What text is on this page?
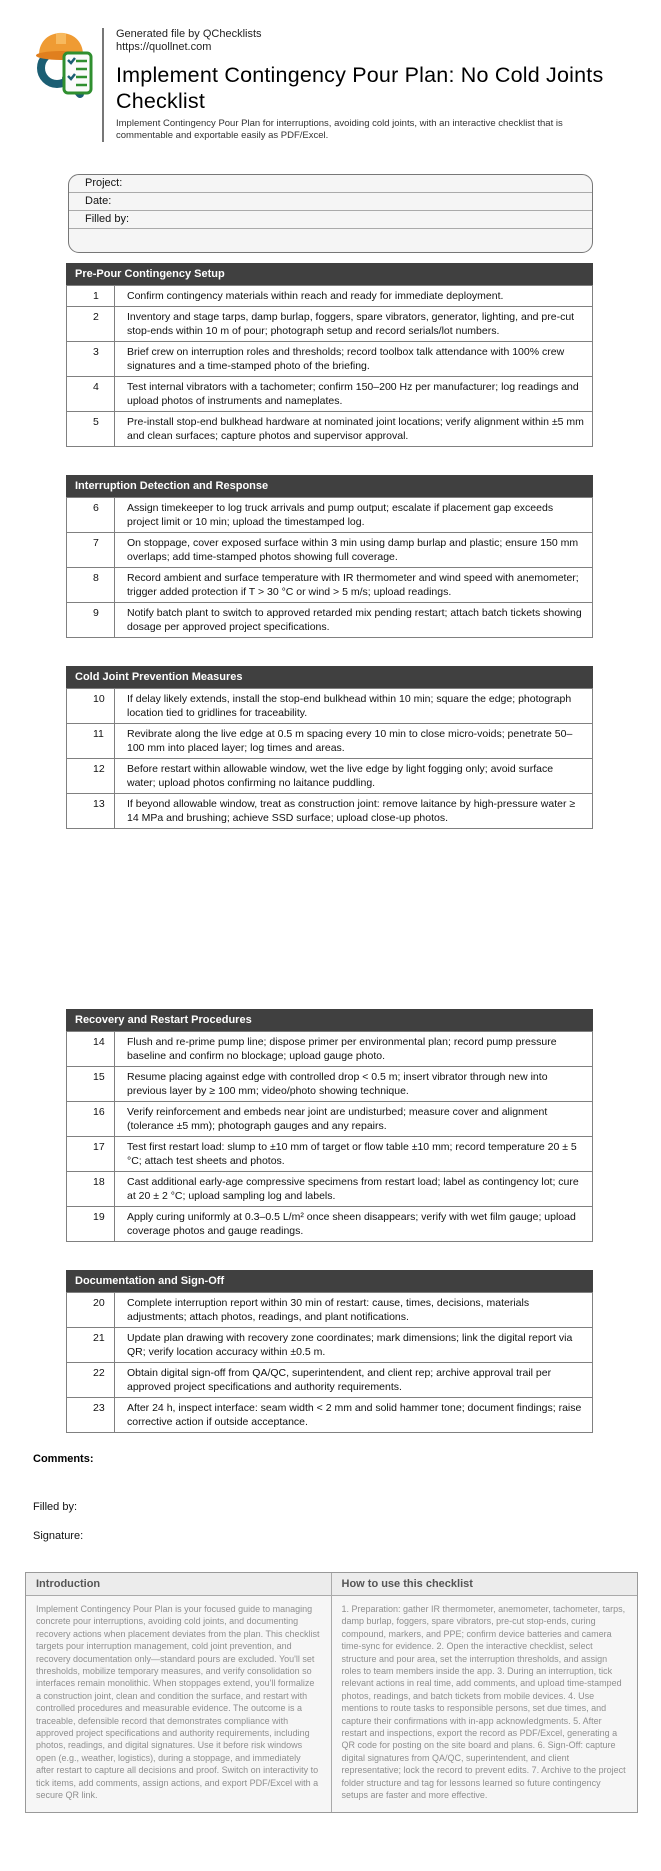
Generated file by QChecklists
https://quollnet.com
Implement Contingency Pour Plan: No Cold Joints Checklist
Implement Contingency Pour Plan for interruptions, avoiding cold joints, with an interactive checklist that is commentable and exportable easily as PDF/Excel.
Project:
Date:
Filled by:
Pre-Pour Contingency Setup
1	Confirm contingency materials within reach and ready for immediate deployment.
2	Inventory and stage tarps, damp burlap, foggers, spare vibrators, generator, lighting, and pre-cut stop-ends within 10 m of pour; photograph setup and record serials/lot numbers.
3	Brief crew on interruption roles and thresholds; record toolbox talk attendance with 100% crew signatures and a time-stamped photo of the briefing.
4	Test internal vibrators with a tachometer; confirm 150–200 Hz per manufacturer; log readings and upload photos of instruments and nameplates.
5	Pre-install stop-end bulkhead hardware at nominated joint locations; verify alignment within ±5 mm and clean surfaces; capture photos and supervisor approval.
Interruption Detection and Response
6	Assign timekeeper to log truck arrivals and pump output; escalate if placement gap exceeds project limit or 10 min; upload the timestamped log.
7	On stoppage, cover exposed surface within 3 min using damp burlap and plastic; ensure 150 mm overlaps; add time-stamped photos showing full coverage.
8	Record ambient and surface temperature with IR thermometer and wind speed with anemometer; trigger added protection if T > 30 °C or wind > 5 m/s; upload readings.
9	Notify batch plant to switch to approved retarded mix pending restart; attach batch tickets showing dosage per approved project specifications.
Cold Joint Prevention Measures
10	If delay likely extends, install the stop-end bulkhead within 10 min; square the edge; photograph location tied to gridlines for traceability.
11	Revibrate along the live edge at 0.5 m spacing every 10 min to close micro-voids; penetrate 50–100 mm into placed layer; log times and areas.
12	Before restart within allowable window, wet the live edge by light fogging only; avoid surface water; upload photos confirming no laitance puddling.
13	If beyond allowable window, treat as construction joint: remove laitance by high-pressure water ≥ 14 MPa and brushing; achieve SSD surface; upload close-up photos.
Recovery and Restart Procedures
14	Flush and re-prime pump line; dispose primer per environmental plan; record pump pressure baseline and confirm no blockage; upload gauge photo.
15	Resume placing against edge with controlled drop < 0.5 m; insert vibrator through new into previous layer by ≥ 100 mm; video/photo showing technique.
16	Verify reinforcement and embeds near joint are undisturbed; measure cover and alignment (tolerance ±5 mm); photograph gauges and any repairs.
17	Test first restart load: slump to ±10 mm of target or flow table ±10 mm; record temperature 20 ± 5 °C; attach test sheets and photos.
18	Cast additional early-age compressive specimens from restart load; label as contingency lot; cure at 20 ± 2 °C; upload sampling log and labels.
19	Apply curing uniformly at 0.3–0.5 L/m² once sheen disappears; verify with wet film gauge; upload coverage photos and gauge readings.
Documentation and Sign-Off
20	Complete interruption report within 30 min of restart: cause, times, decisions, materials adjustments; attach photos, readings, and plant notifications.
21	Update plan drawing with recovery zone coordinates; mark dimensions; link the digital report via QR; verify location accuracy within ±0.5 m.
22	Obtain digital sign-off from QA/QC, superintendent, and client rep; archive approval trail per approved project specifications and authority requirements.
23	After 24 h, inspect interface: seam width < 2 mm and solid hammer tone; document findings; raise corrective action if outside acceptance.
Comments:
Filled by:
Signature:
Introduction
Implement Contingency Pour Plan is your focused guide to managing concrete pour interruptions, avoiding cold joints, and documenting recovery actions when placement deviates from the plan. This checklist targets pour interruption management, cold joint prevention, and recovery documentation only—standard pours are excluded. You'll set thresholds, mobilize temporary measures, and verify consolidation so interfaces remain monolithic. When stoppages extend, you'll formalize a construction joint, clean and condition the surface, and restart with controlled procedures and measurable evidence. The outcome is a traceable, defensible record that demonstrates compliance with approved project specifications and authority requirements, including photos, readings, and digital signatures. Use it before risk windows open (e.g., weather, logistics), during a stoppage, and immediately after restart to capture all decisions and proof. Switch on interactivity to tick items, add comments, assign actions, and export PDF/Excel with a secure QR link.
How to use this checklist
1. Preparation: gather IR thermometer, anemometer, tachometer, tarps, damp burlap, foggers, spare vibrators, pre-cut stop-ends, curing compound, markers, and PPE; confirm device batteries and camera time-sync for evidence. 2. Open the interactive checklist, select structure and pour area, set the interruption thresholds, and assign roles to team members inside the app. 3. During an interruption, tick relevant actions in real time, add comments, and upload time-stamped photos, readings, and batch tickets from mobile devices. 4. Use mentions to route tasks to responsible persons, set due times, and capture their confirmations with in-app acknowledgments. 5. After restart and inspections, export the record as PDF/Excel, generating a QR code for posting on the site board and plans. 6. Sign-Off: capture digital signatures from QA/QC, superintendent, and client representative; lock the record to prevent edits. 7. Archive to the project folder structure and tag for lessons learned so future contingency setups are faster and more effective.
